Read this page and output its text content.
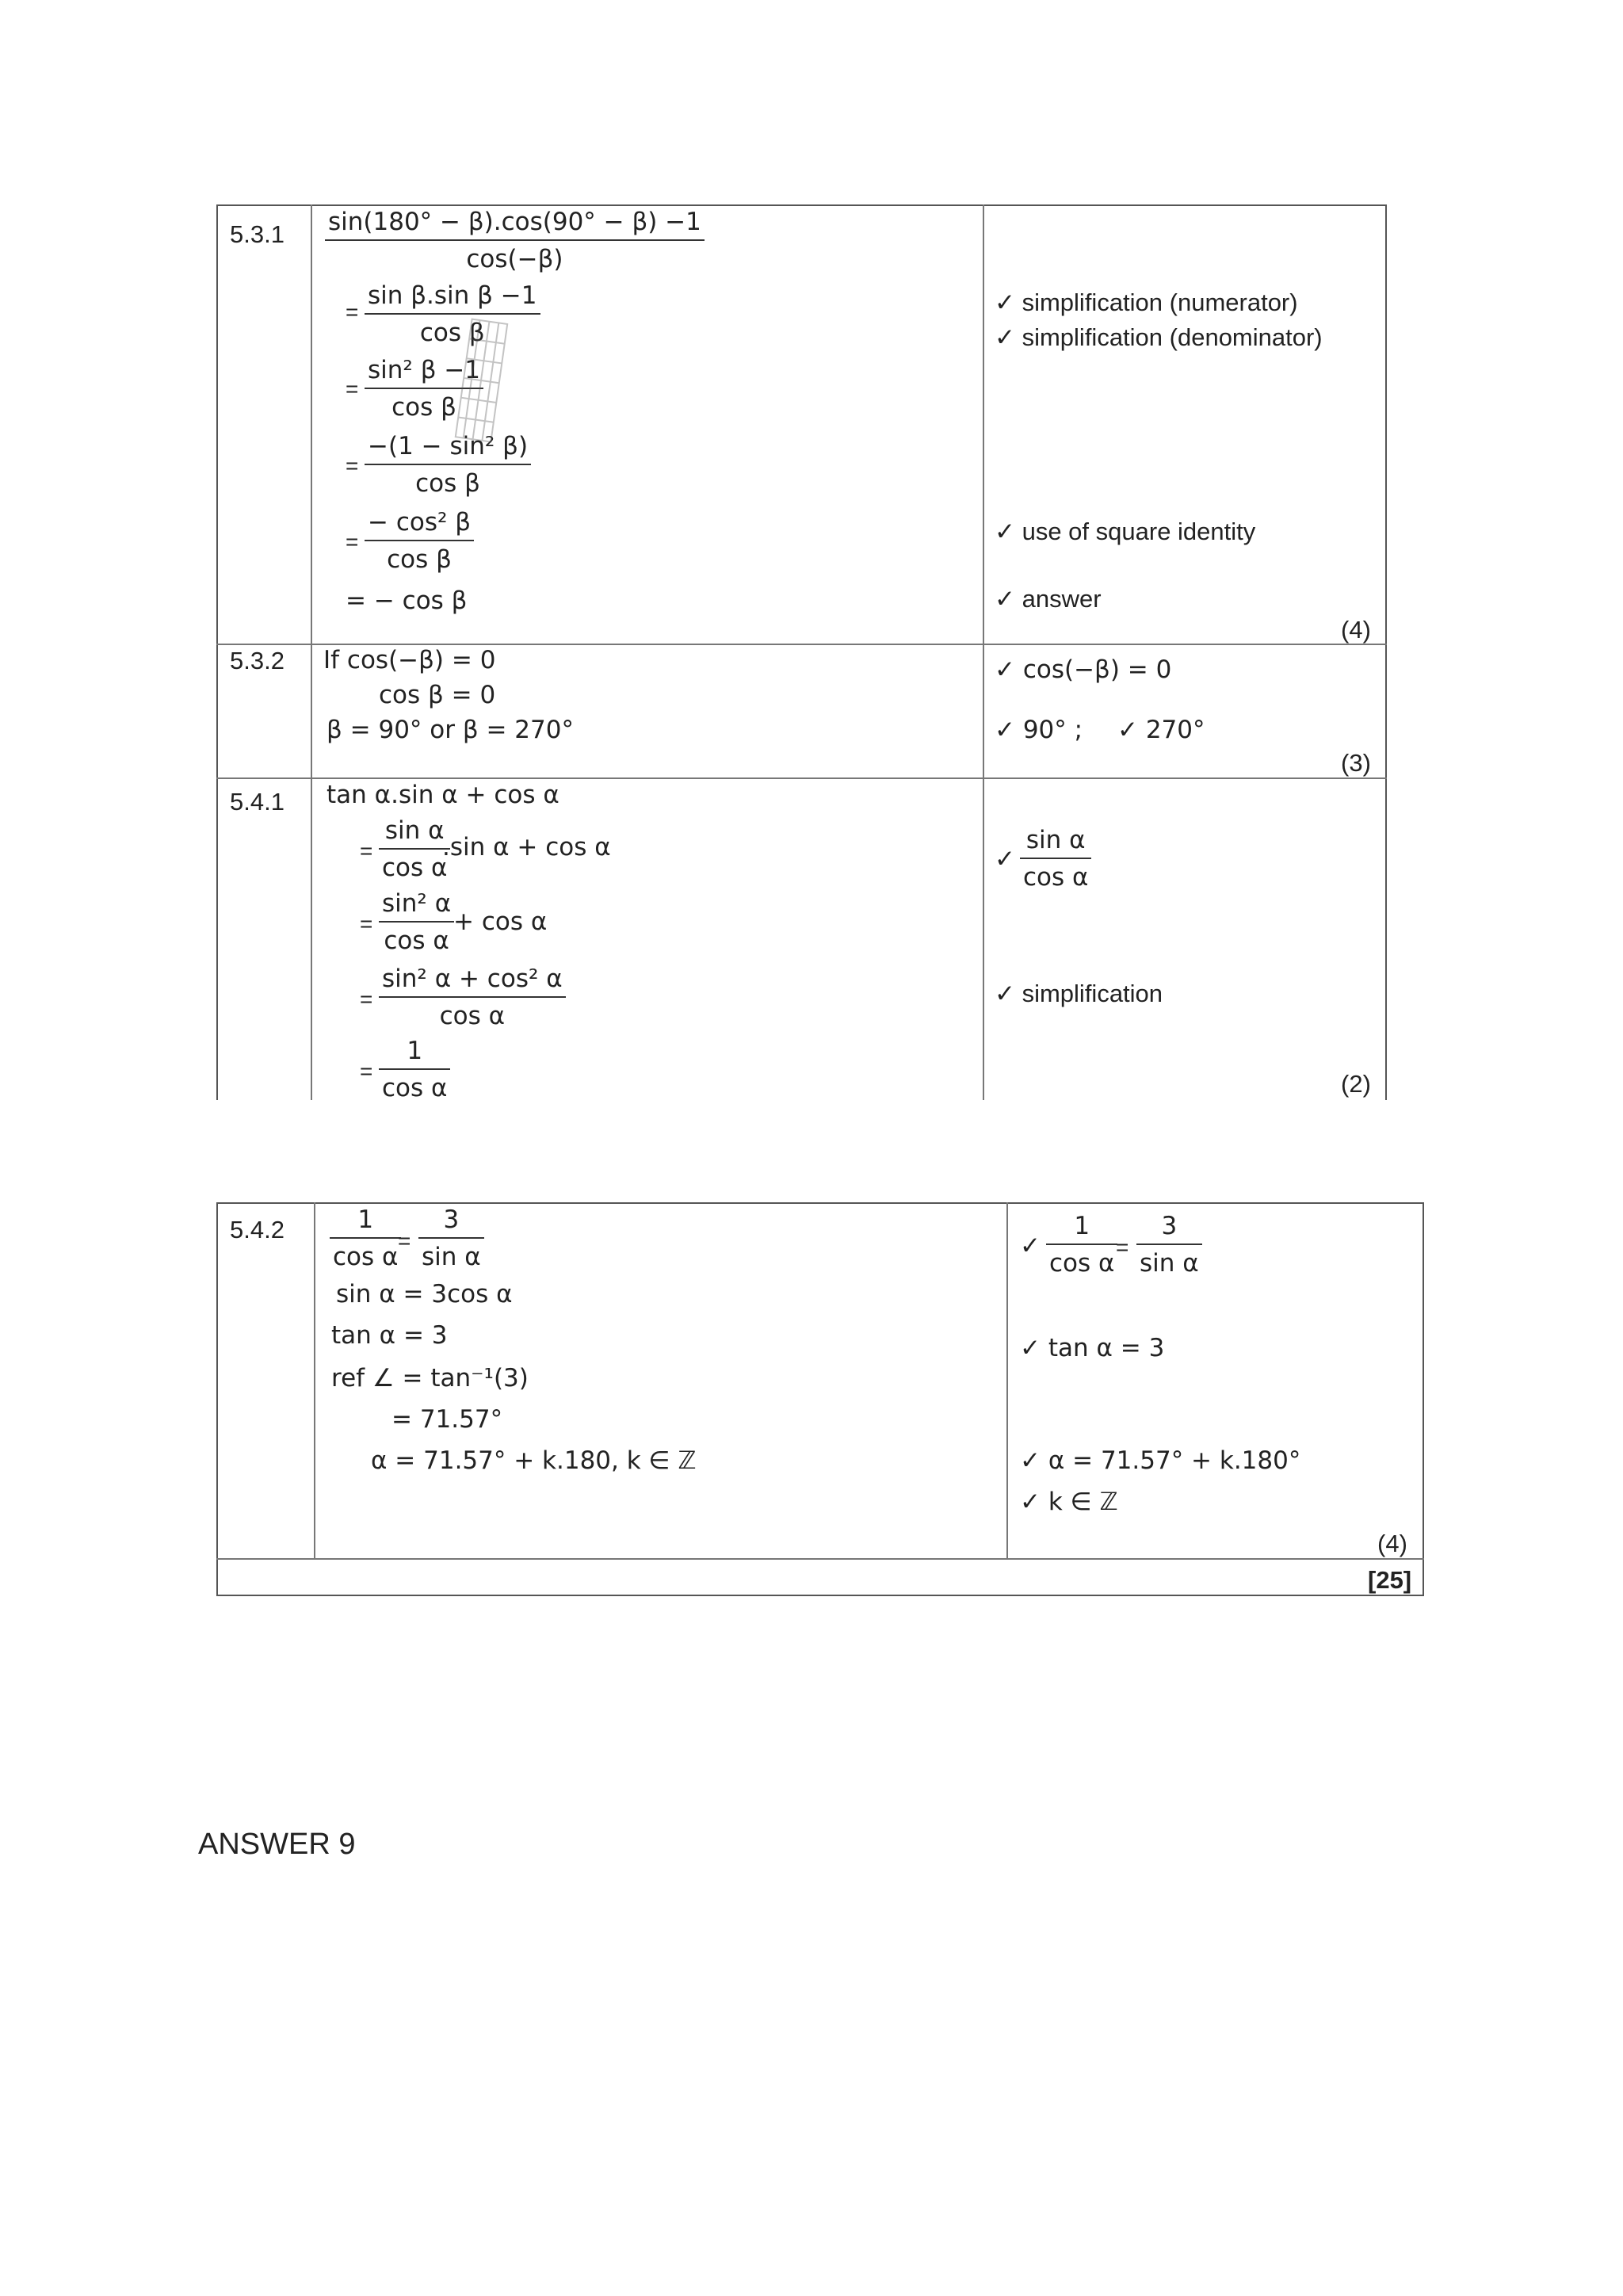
$5.3.1 \frac{\sin(180^\circ - \beta).\cos(90^\circ - \beta) -1}{\cos(-\beta)}$
= $\frac{\text{sin β.sin β −1}}{\text{cos β}}$
= $\frac{\text{sin² β −1}}{\text{cos β}}$
= $\frac{\text{−(1 − sin² β)}}{\text{cos β}}$
= $\frac{\text{− cos² β}}{\text{cos β}}$
= − cos β
✓ simplification (numerator)
✓ simplification (denominator)
✓ use of square identity
✓ answer
(4)
5.3.2 If cos(−β) = 0
cos β = 0
β = 90° or β = 270°
✓ cos(−β) = 0
✓ 90° ; ✓ 270°
(3)
5.4.1 tan α.sin α + cos α
= $\frac{\text{sin α}}{\text{cos α}}$
.sin α + cos α
= $\frac{\text{sin² α}}{\text{cos α}}$
+ cos α
= $\frac{\text{sin² α + cos² α}}{\text{cos α}}$
= $\frac{1}{\text{cos α}}$
✓ $\frac{\text{sin α}}{\text{cos α}}$
✓ simplification
(2)
$5.4.2 \frac{1}{\text{cos α}}$
= $\frac{3}{\text{sin α}}$
sin α = 3cos α
tan α = 3
ref ∠ = tan⁻¹(3)
= 71.57°
α = 71.57° + k.180, k ∈ ℤ
✓ $\frac{1}{\text{cos α}}$
= $\frac{3}{\text{sin α}}$
✓ tan α = 3
✓ α = 71.57° + k.180°
✓ k ∈ ℤ
(4)
[25]
ANSWER 9
